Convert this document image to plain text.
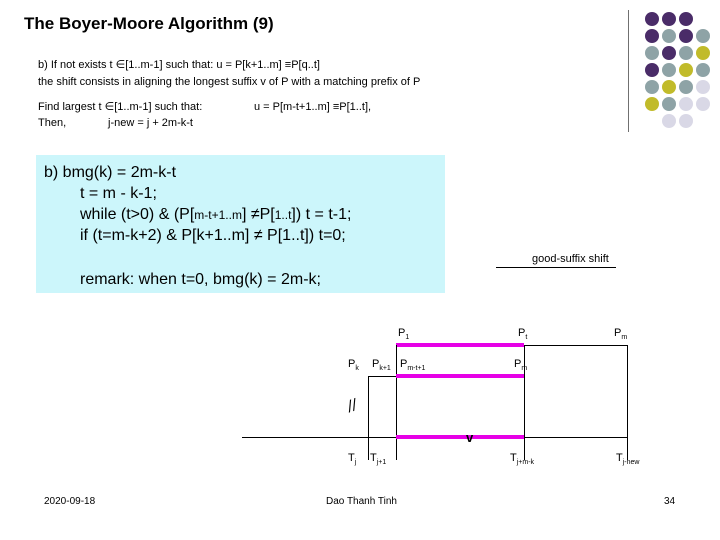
The Boyer-Moore Algorithm (9)
b) If not exists t ∈[1..m-1] such that: u = P[k+1..m] ≡P[q..t]
the shift consists in aligning the longest suffix v of P with a matching prefix of P
Find largest t ∈[1..m-1] such that:	u = P[m-t+1..m] ≡P[1..t],
Then,	j-new = j + 2m-k-t
b) bmg(k) = 2m-k-t
t = m - k-1;
while (t>0) & (P[m-t+1..m] ≠P[1..t]) t = t-1;
if (t=m-k+2) & P[k+1..m] ≠ P[1..t]) t=0;
good-suffix shift
remark: when t=0, bmg(k) = 2m-k;
//
v
$P_1$	$P_t$	$P_m$
$P_k$ $P_{k+1}$ $P_{m-t+1}$	$P_m$
$T_j$ $T_{j+1}$	$T_{j+m-k}$	$T_{j-new}$
2020-09-18	Dao Thanh Tinh	34
